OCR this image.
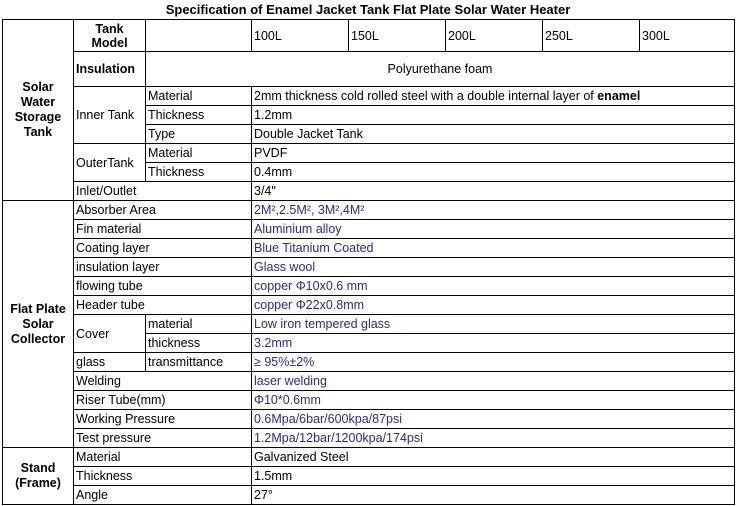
Specification of Enamel Jacket Tank Flat Plate Solar Water Heater
Solar Water Storage Tank	Tank Model		100L	150L	200L	250L	300L
	Insulation	Polyurethane foam					
	Inner Tank	Material	2mm thickness cold rolled steel with a double internal layer of enamel				
		Thickness	1.2mm				
		Type	Double Jacket Tank				
	OuterTank	Material	PVDF				
		Thickness	0.4mm				
	Inlet/Outlet		3/4"				
Flat Plate Solar Collector	Absorber Area		2M²,2.5M², 3M²,4M²				
	Fin material		Aluminium alloy				
	Coating layer		Blue Titanium Coated				
	insulation layer		Glass wool				
	flowing tube		copper Φ10x0.6 mm				
	Header tube		copper Φ22x0.8mm				
	Cover	material	Low iron tempered glass				
		thickness	3.2mm				
	glass	transmittance	≥ 95%±2%				
	Welding		laser welding				
	Riser Tube(mm)		Φ10*0.6mm				
	Working Pressure		0.6Mpa/6bar/600kpa/87psi				
	Test pressure		1.2Mpa/12bar/1200kpa/174psi				
Stand (Frame)	Material		Galvanized Steel				
	Thickness		1.5mm				
	Angle		27°				
